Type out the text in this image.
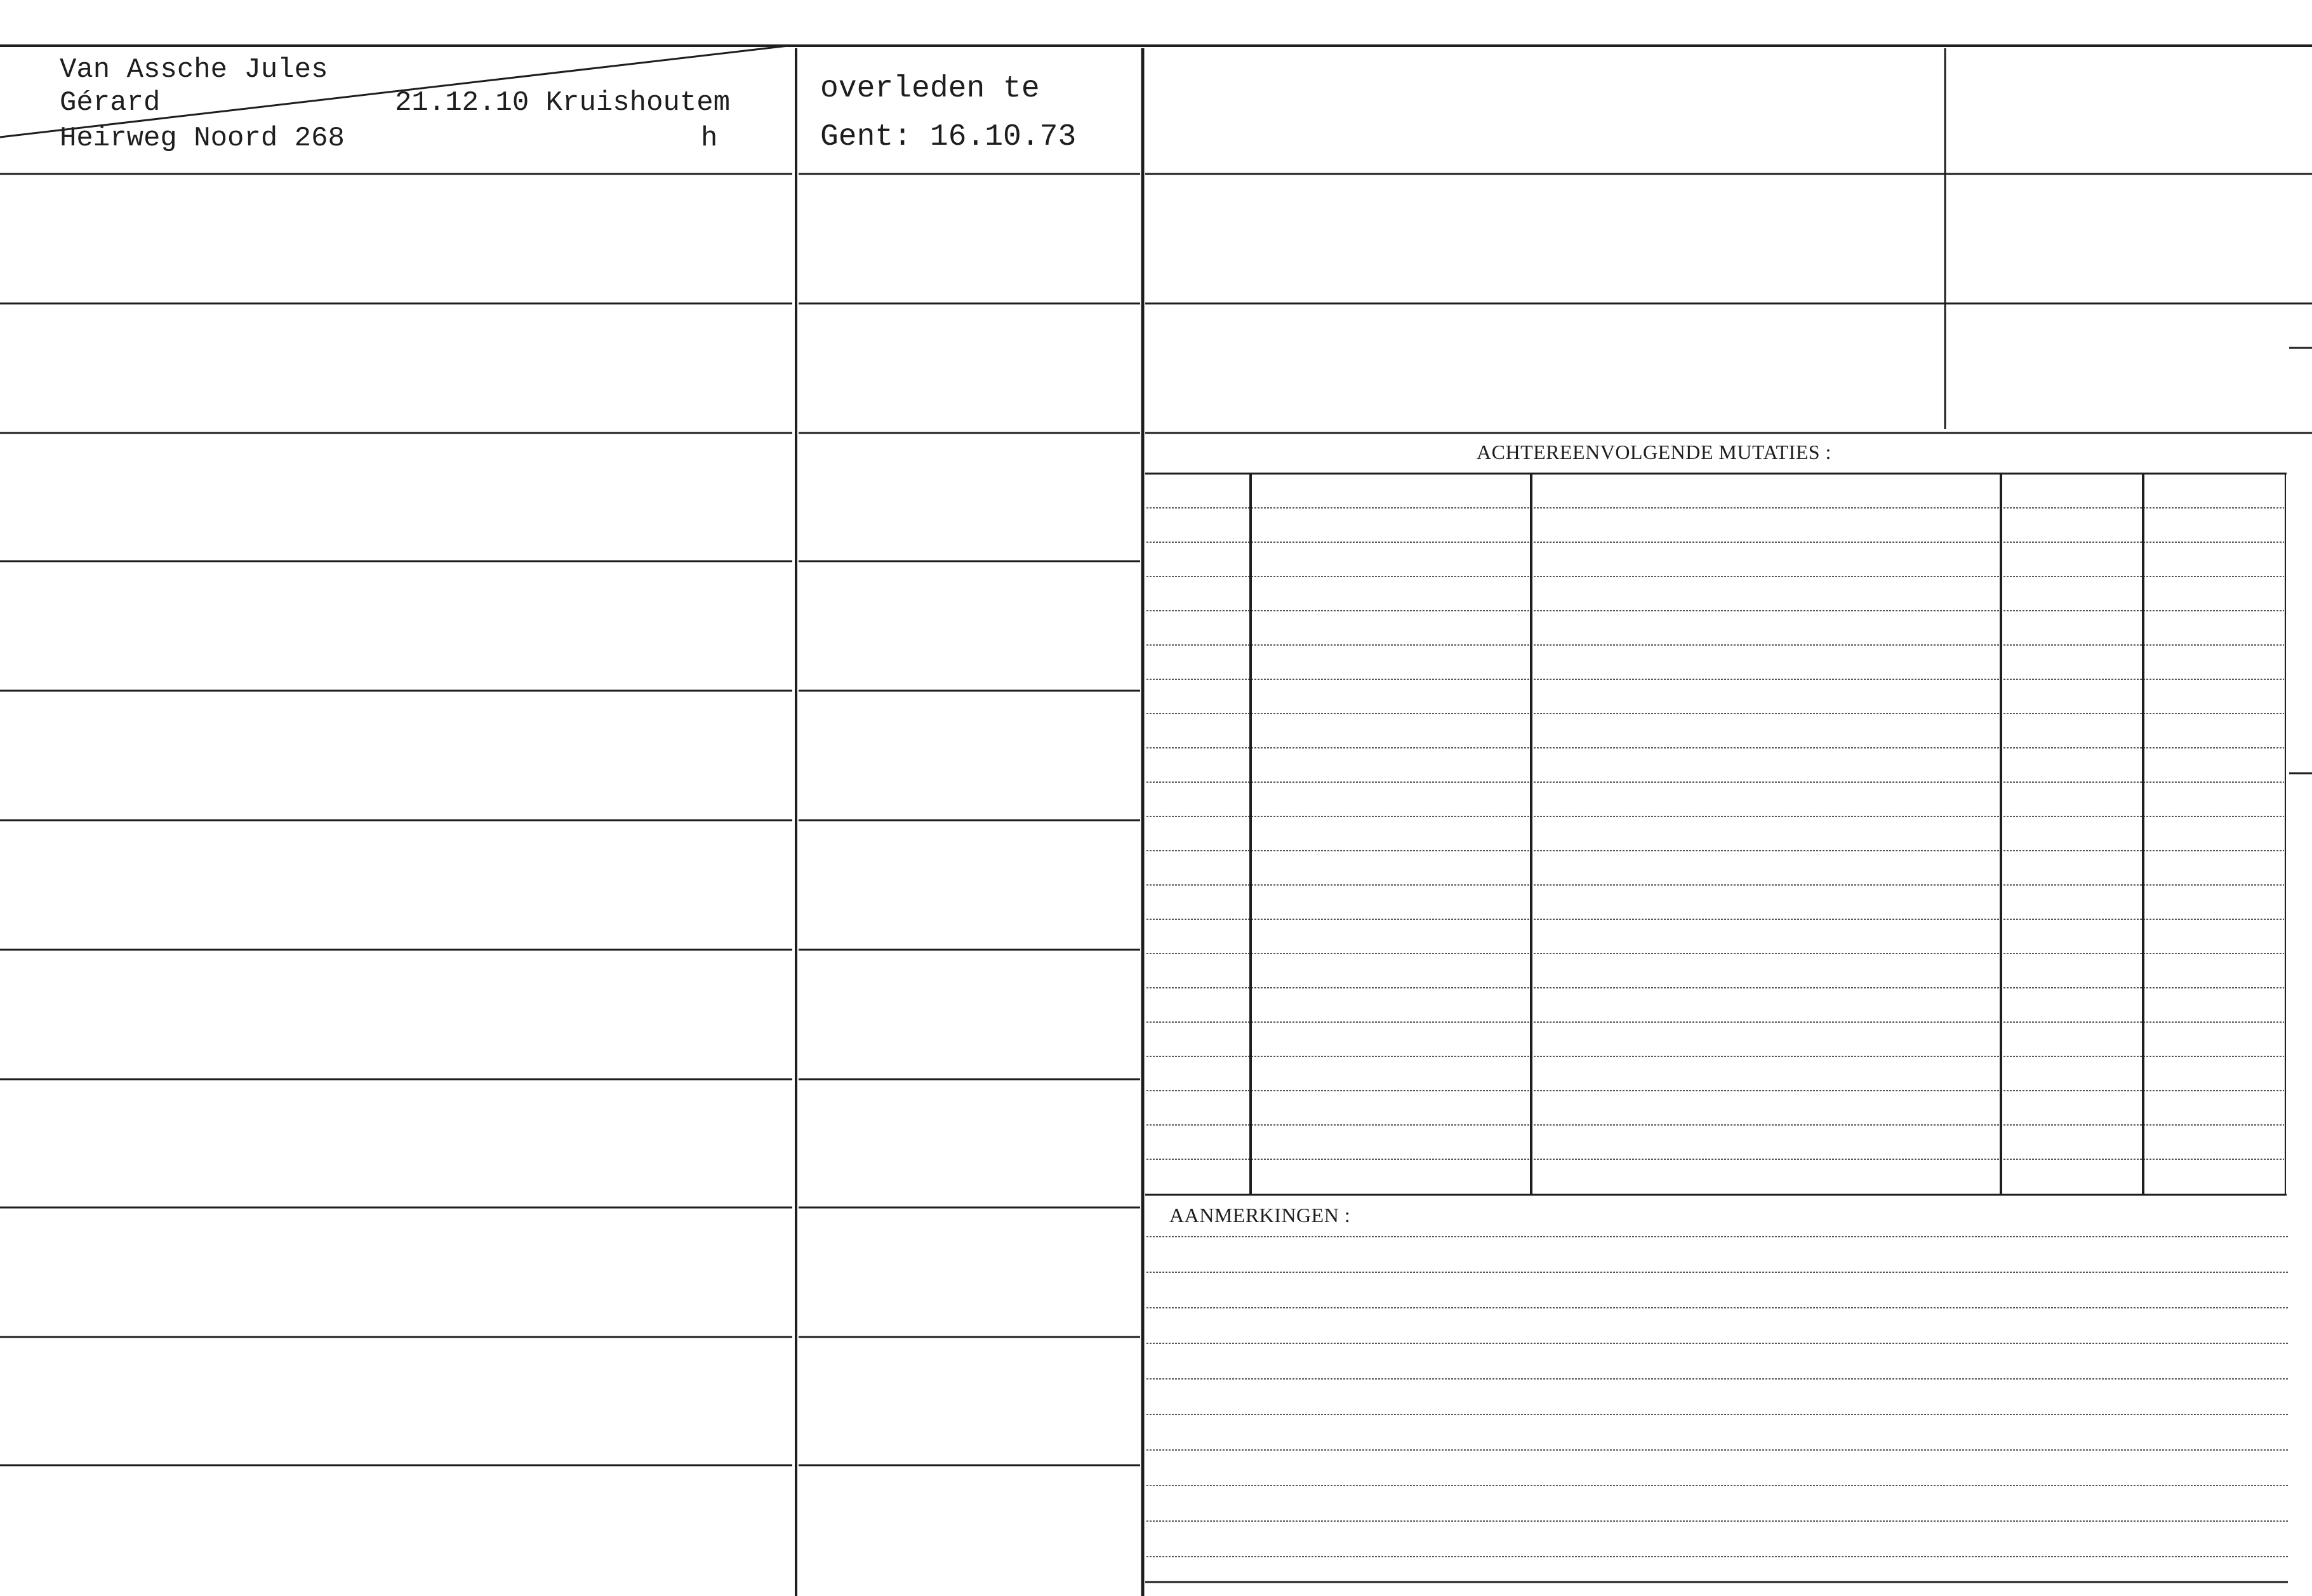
Van Assche Jules
Gérard	21.12.10 Kruishoutem
Heirweg Noord 268	h
overleden te
Gent: 16.10.73
ACHTEREENVOLGENDE MUTATIES :
AANMERKINGEN :
